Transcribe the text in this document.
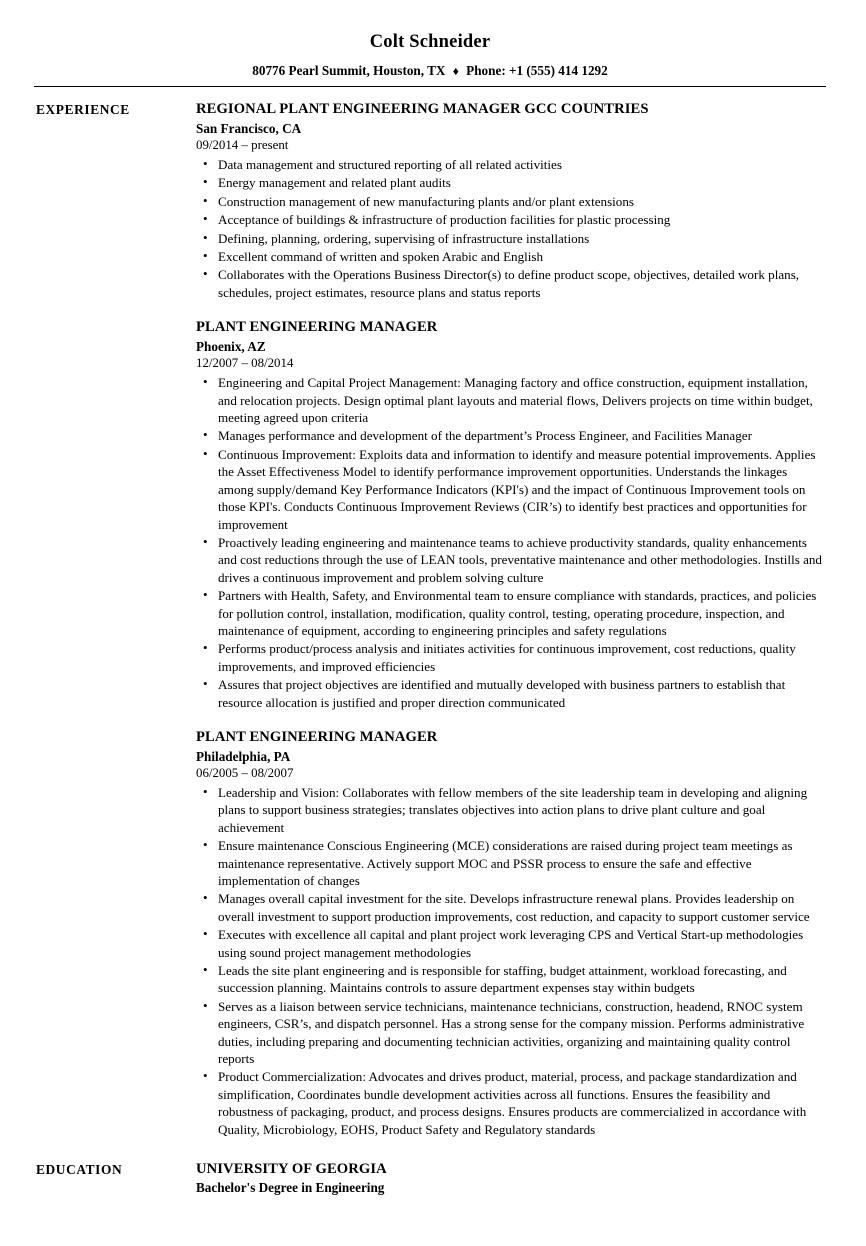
Colt Schneider
80776 Pearl Summit, Houston, TX ♦ Phone: +1 (555) 414 1292
EXPERIENCE	REGIONAL PLANT ENGINEERING MANAGER GCC COUNTRIES
San Francisco, CA
09/2014 – present
• Data management and structured reporting of all related activities
• Energy management and related plant audits
• Construction management of new manufacturing plants and/or plant extensions
• Acceptance of buildings & infrastructure of production facilities for plastic processing
• Defining, planning, ordering, supervising of infrastructure installations
• Excellent command of written and spoken Arabic and English
• Collaborates with the Operations Business Director(s) to define product scope, objectives, detailed work plans, schedules, project estimates, resource plans and status reports
PLANT ENGINEERING MANAGER
Phoenix, AZ
12/2007 – 08/2014
• Engineering and Capital Project Management: Managing factory and office construction, equipment installation, and relocation projects. Design optimal plant layouts and material flows, Delivers projects on time within budget, meeting agreed upon criteria
• Manages performance and development of the department’s Process Engineer, and Facilities Manager
• Continuous Improvement: Exploits data and information to identify and measure potential improvements. Applies the Asset Effectiveness Model to identify performance improvement opportunities. Understands the linkages among supply/demand Key Performance Indicators (KPI's) and the impact of Continuous Improvement tools on those KPI's. Conducts Continuous Improvement Reviews (CIR’s) to identify best practices and opportunities for improvement
• Proactively leading engineering and maintenance teams to achieve productivity standards, quality enhancements and cost reductions through the use of LEAN tools, preventative maintenance and other methodologies. Instills and drives a continuous improvement and problem solving culture
• Partners with Health, Safety, and Environmental team to ensure compliance with standards, practices, and policies for pollution control, installation, modification, quality control, testing, operating procedure, inspection, and maintenance of equipment, according to engineering principles and safety regulations
• Performs product/process analysis and initiates activities for continuous improvement, cost reductions, quality improvements, and improved efficiencies
• Assures that project objectives are identified and mutually developed with business partners to establish that resource allocation is justified and proper direction communicated
PLANT ENGINEERING MANAGER
Philadelphia, PA
06/2005 – 08/2007
• Leadership and Vision: Collaborates with fellow members of the site leadership team in developing and aligning plans to support business strategies; translates objectives into action plans to drive plant culture and goal achievement
• Ensure maintenance Conscious Engineering (MCE) considerations are raised during project team meetings as maintenance representative. Actively support MOC and PSSR process to ensure the safe and effective implementation of changes
• Manages overall capital investment for the site. Develops infrastructure renewal plans. Provides leadership on overall investment to support production improvements, cost reduction, and capacity to support customer service
• Executes with excellence all capital and plant project work leveraging CPS and Vertical Start-up methodologies using sound project management methodologies
• Leads the site plant engineering and is responsible for staffing, budget attainment, workload forecasting, and succession planning. Maintains controls to assure department expenses stay within budgets
• Serves as a liaison between service technicians, maintenance technicians, construction, headend, RNOC system engineers, CSR’s, and dispatch personnel. Has a strong sense for the company mission. Performs administrative duties, including preparing and documenting technician activities, organizing and maintaining quality control reports
• Product Commercialization: Advocates and drives product, material, process, and package standardization and simplification, Coordinates bundle development activities across all functions. Ensures the feasibility and robustness of packaging, product, and process designs. Ensures products are commercialized in accordance with Quality, Microbiology, EOHS, Product Safety and Regulatory standards
EDUCATION	UNIVERSITY OF GEORGIA
Bachelor's Degree in Engineering
